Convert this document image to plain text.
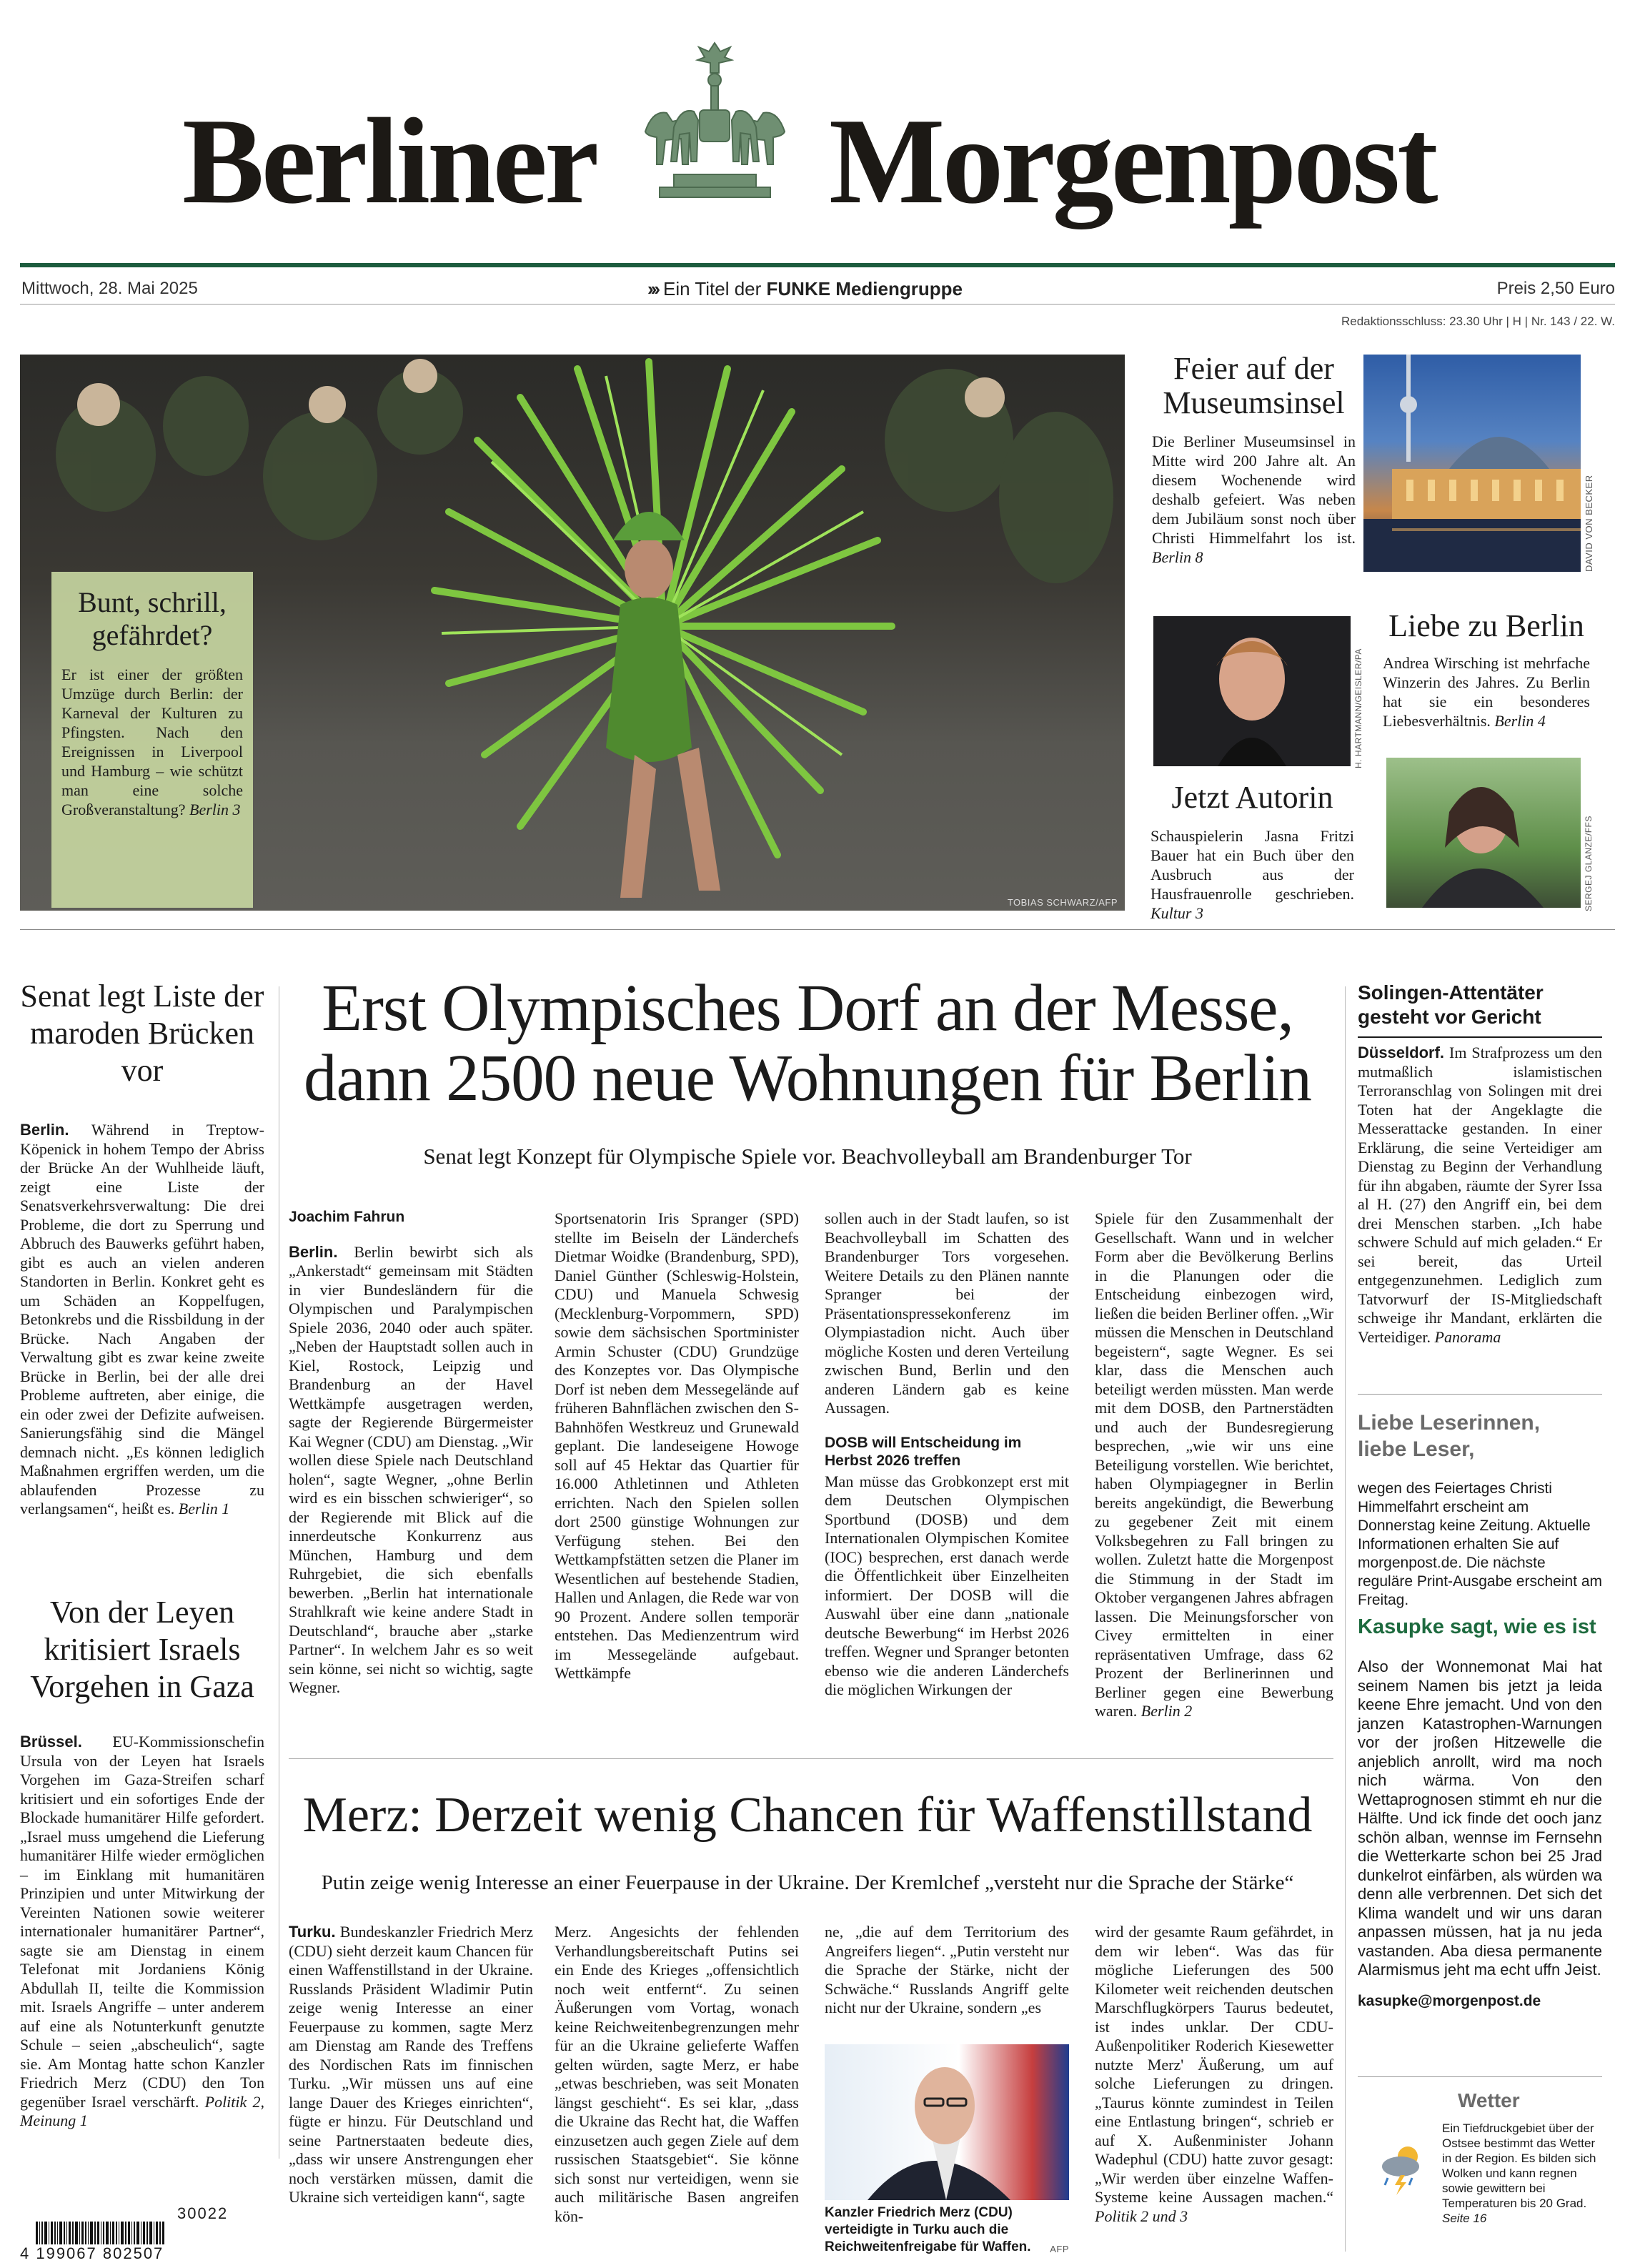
Berliner Morgenpost
Mittwoch, 28. Mai 2025	››› Ein Titel der FUNKE Mediengruppe	Preis 2,50 Euro
Redaktionsschluss: 23.30 Uhr | H | Nr. 143 / 22. W.
TOBIAS SCHWARZ/AFP
Bunt, schrill, gefährdet?
Er ist einer der größten Umzüge durch Berlin: der Karneval der Kulturen zu Pfingsten. Nach den Ereignissen in Liverpool und Hamburg – wie schützt man eine solche Großveranstaltung? Berlin 3
Feier auf der Museumsinsel
Die Berliner Museumsinsel in Mitte wird 200 Jahre alt. An diesem Wochenende wird deshalb gefeiert. Was neben dem Jubiläum sonst noch über Christi Himmelfahrt los ist. Berlin 8	DAVID VON BECKER
H. HARTMANN/GEISLER/PA
Jetzt Autorin
Schauspielerin Jasna Fritzi Bauer hat ein Buch über den Ausbruch aus der Hausfrauenrolle geschrieben. Kultur 3
Liebe zu Berlin
Andrea Wirsching ist mehrfache Winzerin des Jahres. Zu Berlin hat sie ein besonderes Liebesverhältnis. Berlin 4
SERGEJ GLANZE/FFS
Senat legt Liste der maroden Brücken vor
Berlin. Während in Treptow-Köpenick in hohem Tempo der Abriss der Brücke An der Wuhlheide läuft, zeigt eine Liste der Senatsverkehrsverwaltung: Die drei Probleme, die dort zu Sperrung und Abbruch des Bauwerks geführt haben, gibt es auch an vielen anderen Standorten in Berlin. Konkret geht es um Schäden an Koppelfugen, Betonkrebs und die Rissbildung in der Brücke. Nach Angaben der Verwaltung gibt es zwar keine zweite Brücke in Berlin, bei der alle drei Probleme auftreten, aber einige, die ein oder zwei der Defizite aufweisen. Sanierungsfähig sind die Mängel demnach nicht. „Es können lediglich Maßnahmen ergriffen werden, um die ablaufenden Prozesse zu verlangsamen“, heißt es. Berlin 1
Von der Leyen kritisiert Israels Vorgehen in Gaza
Brüssel. EU-Kommissionschefin Ursula von der Leyen hat Israels Vorgehen im Gaza-Streifen scharf kritisiert und ein sofortiges Ende der Blockade humanitärer Hilfe gefordert. „Israel muss umgehend die Lieferung humanitärer Hilfe wieder ermöglichen – im Einklang mit humanitären Prinzipien und unter Mitwirkung der Vereinten Nationen sowie weiterer internationaler humanitärer Partner“, sagte sie am Dienstag in einem Telefonat mit Jordaniens König Abdullah II, teilte die Kommission mit. Israels Angriffe – unter anderem auf eine als Notunterkunft genutzte Schule – seien „abscheulich“, sagte sie. Am Montag hatte schon Kanzler Friedrich Merz (CDU) den Ton gegenüber Israel verschärft. Politik 2, Meinung 1
30022
4 199067 802507
Erst Olympisches Dorf an der Messe,
dann 2500 neue Wohnungen für Berlin
Senat legt Konzept für Olympische Spiele vor. Beachvolleyball am Brandenburger Tor
Joachim Fahrun
Berlin. Berlin bewirbt sich als „Ankerstadt“ gemeinsam mit Städten in vier Bundesländern für die Olympischen und Paralympischen Spiele 2036, 2040 oder auch später. „Neben der Hauptstadt sollen auch in Kiel, Rostock, Leipzig und Brandenburg an der Havel Wettkämpfe ausgetragen werden, sagte der Regierende Bürgermeister Kai Wegner (CDU) am Dienstag. „Wir wollen diese Spiele nach Deutschland holen“, sagte Wegner, „ohne Berlin wird es ein bisschen schwieriger“, so der Regierende mit Blick auf die innerdeutsche Konkurrenz aus München, Hamburg und dem Ruhrgebiet, die sich ebenfalls bewerben. „Berlin hat internationale Strahlkraft wie keine andere Stadt in Deutschland“, brauche aber „starke Partner“. In welchem Jahr es so weit sein könne, sei nicht so wichtig, sagte Wegner.
Sportsenatorin Iris Spranger (SPD) stellte im Beiseln der Länderchefs Dietmar Woidke (Brandenburg, SPD), Daniel Günther (Schleswig-Holstein, CDU) und Manuela Schwesig (Mecklenburg-Vorpommern, SPD) sowie dem sächsischen Sportminister Armin Schuster (CDU) Grundzüge des Konzeptes vor. Das Olympische Dorf ist neben dem Messegelände auf früheren Bahnflächen zwischen den S-Bahnhöfen Westkreuz und Grunewald geplant. Die landeseigene Howoge soll auf 45 Hektar das Quartier für 16.000 Athletinnen und Athleten errichten. Nach den Spielen sollen dort 2500 günstige Wohnungen zur Verfügung stehen. Bei den Wettkampfstätten setzen die Planer im Wesentlichen auf bestehende Stadien, Hallen und Anlagen, die Rede war von 90 Prozent. Andere sollen temporär entstehen. Das Medienzentrum wird im Messegelände aufgebaut. Wettkämpfe
sollen auch in der Stadt laufen, so ist Beachvolleyball im Schatten des Brandenburger Tors vorgesehen. Weitere Details zu den Plänen nannte Spranger bei der Präsentationspressekonferenz im Olympiastadion nicht. Auch über mögliche Kosten und deren Verteilung zwischen Bund, Berlin und den anderen Ländern gab es keine Aussagen.
DOSB will Entscheidung im Herbst 2026 treffen
Man müsse das Grobkonzept erst mit dem Deutschen Olympischen Sportbund (DOSB) und dem Internationalen Olympischen Komitee (IOC) besprechen, erst danach werde die Öffentlichkeit über Einzelheiten informiert. Der DOSB will die Auswahl über eine dann „nationale deutsche Bewerbung“ im Herbst 2026 treffen. Wegner und Spranger betonten ebenso wie die anderen Länderchefs die möglichen Wirkungen der
Spiele für den Zusammenhalt der Gesellschaft. Wann und in welcher Form aber die Bevölkerung Berlins in die Planungen oder die Entscheidung einbezogen wird, ließen die beiden Berliner offen. „Wir müssen die Menschen in Deutschland begeistern“, sagte Wegner. Es sei klar, dass die Menschen auch beteiligt werden müssten. Man werde mit dem DOSB, den Partnerstädten und auch der Bundesregierung besprechen, „wie wir uns eine Beteiligung vorstellen. Wie berichtet, haben Olympiagegner in Berlin bereits angekündigt, die Bewerbung zu gegebener Zeit mit einem Volksbegehren zu Fall bringen zu wollen. Zuletzt hatte die Morgenpost die Stimmung in der Stadt im Oktober vergangenen Jahres abfragen lassen. Die Meinungsforscher von Civey ermittelten in einer repräsentativen Umfrage, dass 62 Prozent der Berlinerinnen und Berliner gegen eine Bewerbung waren. Berlin 2
Merz: Derzeit wenig Chancen für Waffenstillstand
Putin zeige wenig Interesse an einer Feuerpause in der Ukraine. Der Kremlchef „versteht nur die Sprache der Stärke“
Turku. Bundeskanzler Friedrich Merz (CDU) sieht derzeit kaum Chancen für einen Waffenstillstand in der Ukraine. Russlands Präsident Wladimir Putin zeige wenig Interesse an einer Feuerpause zu kommen, sagte Merz am Dienstag am Rande des Treffens des Nordischen Rats im finnischen Turku. „Wir müssen uns auf eine lange Dauer des Krieges einrichten“, fügte er hinzu. Für Deutschland und seine Partnerstaaten bedeute dies, „dass wir unsere Anstrengungen eher noch verstärken müssen, damit die Ukraine sich verteidigen kann“, sagte
Merz. Angesichts der fehlenden Verhandlungsbereitschaft Putins sei ein Ende des Krieges „offensichtlich noch weit entfernt“. Zu seinen Äußerungen vom Vortag, wonach keine Reichweitenbegrenzungen mehr für an die Ukraine gelieferte Waffen gelten würden, sagte Merz, er habe „etwas beschrieben, was seit Monaten längst geschieht“. Es sei klar, „dass die Ukraine das Recht hat, die Waffen einzusetzen auch gegen Ziele auf dem russischen Staatsgebiet“. Sie könne sich sonst nur verteidigen, wenn sie auch militärische Basen angreifen kön-
ne, „die auf dem Territorium des Angreifers liegen“. „Putin versteht nur die Sprache der Stärke, nicht der Schwäche.“ Russlands Angriff gelte nicht nur der Ukraine, sondern „es
Kanzler Friedrich Merz (CDU) verteidigte in Turku auch die Reichweitenfreigabe für Waffen.	AFP
wird der gesamte Raum gefährdet, in dem wir leben“. Was das für mögliche Lieferungen des 500 Kilometer weit reichenden deutschen Marschflugkörpers Taurus bedeutet, ist indes unklar. Der CDU-Außenpolitiker Roderich Kiesewetter nutzte Merz' Äußerung, um auf solche Lieferungen zu dringen. „Taurus könnte zumindest in Teilen eine Entlastung bringen“, schrieb er auf X. Außenminister Johann Wadephul (CDU) hatte zuvor gesagt: „Wir werden über einzelne Waffen-Systeme keine Aussagen machen.“ Politik 2 und 3
Solingen-Attentäter gesteht vor Gericht
Düsseldorf. Im Strafprozess um den mutmaßlich islamistischen Terroranschlag von Solingen mit drei Toten hat der Angeklagte die Messerattacke gestanden. In einer Erklärung, die seine Verteidiger am Dienstag zu Beginn der Verhandlung für ihn abgaben, räumte der Syrer Issa al H. (27) den Angriff ein, bei dem drei Menschen starben. „Ich habe schwere Schuld auf mich geladen.“ Er sei bereit, das Urteil entgegenzunehmen. Lediglich zum Tatvorwurf der IS-Mitgliedschaft schweige ihr Mandant, erklärten die Verteidiger. Panorama
Liebe Leserinnen, liebe Leser,
wegen des Feiertages Christi Himmelfahrt erscheint am Donnerstag keine Zeitung. Aktuelle Informationen erhalten Sie auf morgenpost.de. Die nächste reguläre Print-Ausgabe erscheint am Freitag.
Kasupke sagt, wie es ist
Also der Wonnemonat Mai hat seinem Namen bis jetzt ja leida keene Ehre jemacht. Und von den janzen Katastrophen-Warnungen vor der jroßen Hitzewelle die anjeblich anrollt, wird ma noch nich wärma. Von den Wettaprognosen stimmt eh nur die Hälfte. Und ick finde det ooch janz schön alban, wennse im Fernsehn die Wetterkarte schon bei 25 Jrad dunkelrot einfärben, als würden wa denn alle verbrennen. Det sich det Klima wandelt und wir uns daran anpassen müssen, hat ja nu jeda vastanden. Aba diesa permanente Alarmismus jeht ma echt uffn Jeist.
kasupke@morgenpost.de
Wetter
Ein Tiefdruckgebiet über der Ostsee bestimmt das Wetter in der Region. Es bilden sich Wolken und kann regnen sowie gewittern bei Temperaturen bis 20 Grad. Seite 16
